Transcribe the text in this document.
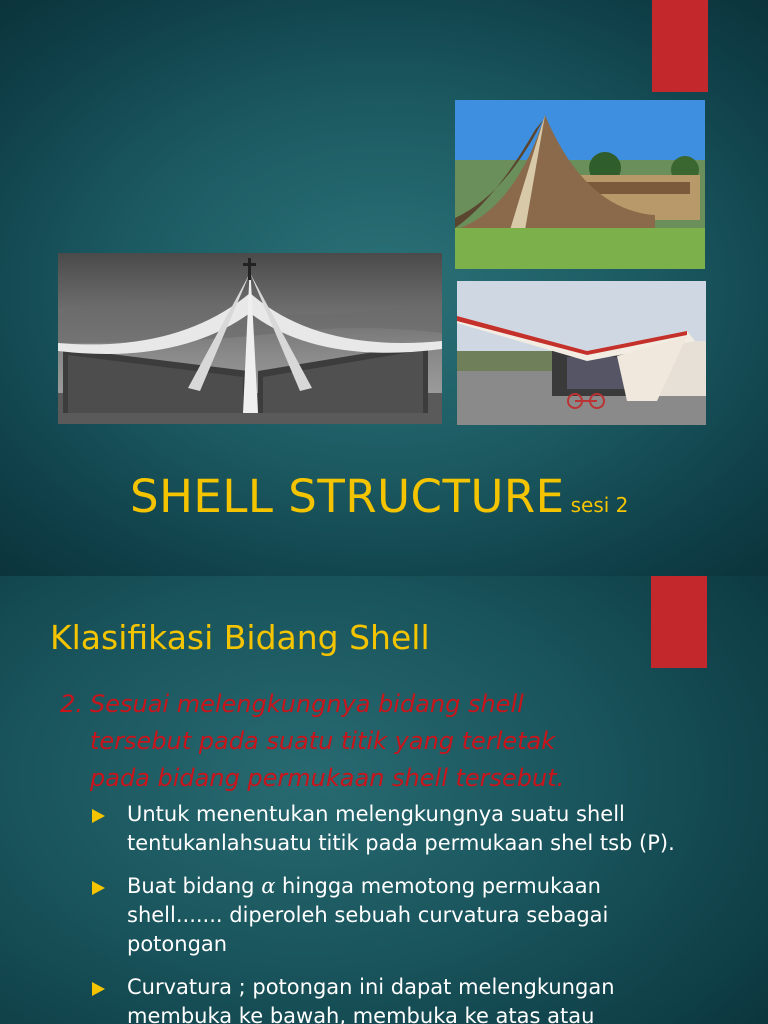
SHELL STRUCTURE sesi 2
Klasifikasi Bidang Shell
2. Sesuai melengkungnya bidang shell
tersebut pada suatu titik yang terletak
pada bidang permukaan shell tersebut.
Untuk menentukan melengkungnya suatu shell
tentukanlahsuatu titik pada permukaan shel tsb (P).
Buat bidang α hingga memotong permukaan
shell....... diperoleh sebuah curvatura sebagai
potongan
Curvatura ; potongan ini dapat melengkungan
membuka ke bawah, membuka ke atas atau
